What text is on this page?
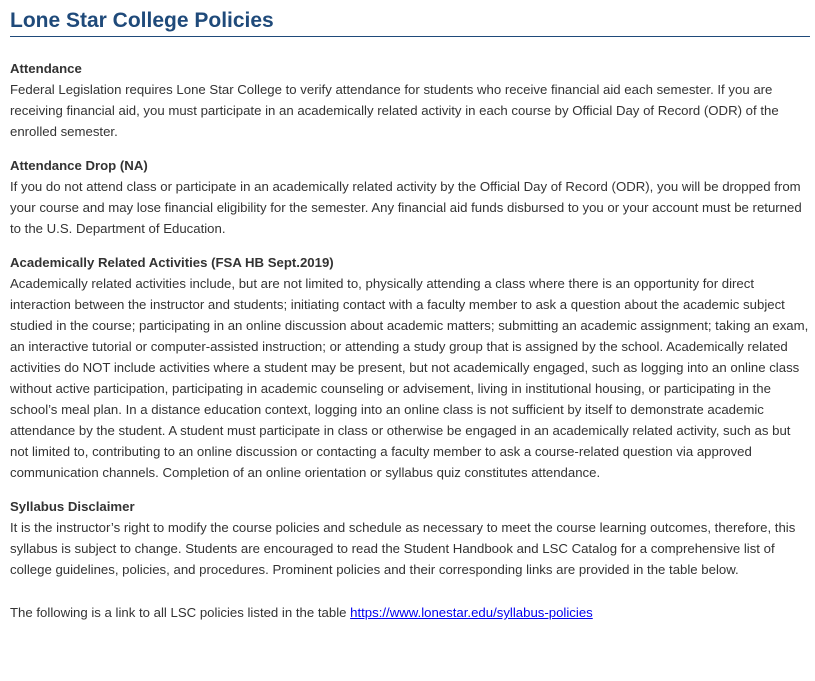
Lone Star College Policies

Attendance

Federal Legislation requires Lone Star College to verify attendance for students who receive financial aid each semester. If you are receiving financial aid, you must participate in an academically related activity in each course by Official Day of Record (ODR) of the enrolled semester.

Attendance Drop (NA)

If you do not attend class or participate in an academically related activity by the Official Day of Record (ODR), you will be dropped from your course and may lose financial eligibility for the semester. Any financial aid funds disbursed to you or your account must be returned to the U.S. Department of Education.

Academically Related Activities (FSA HB Sept.2019)

Academically related activities include, but are not limited to, physically attending a class where there is an opportunity for direct interaction between the instructor and students; initiating contact with a faculty member to ask a question about the academic subject studied in the course; participating in an online discussion about academic matters; submitting an academic assignment; taking an exam, an interactive tutorial or computer-assisted instruction; or attending a study group that is assigned by the school. Academically related activities do NOT include activities where a student may be present, but not academically engaged, such as logging into an online class without active participation, participating in academic counseling or advisement, living in institutional housing, or participating in the school’s meal plan. In a distance education context, logging into an online class is not sufficient by itself to demonstrate academic attendance by the student. A student must participate in class or otherwise be engaged in an academically related activity, such as but not limited to, contributing to an online discussion or contacting a faculty member to ask a course-related question via approved communication channels. Completion of an online orientation or syllabus quiz constitutes attendance.

Syllabus Disclaimer

It is the instructor’s right to modify the course policies and schedule as necessary to meet the course learning outcomes, therefore, this syllabus is subject to change. Students are encouraged to read the Student Handbook and LSC Catalog for a comprehensive list of college guidelines, policies, and procedures. Prominent policies and their corresponding links are provided in the table below.

The following is a link to all LSC policies listed in the table https://www.lonestar.edu/syllabus-policies
